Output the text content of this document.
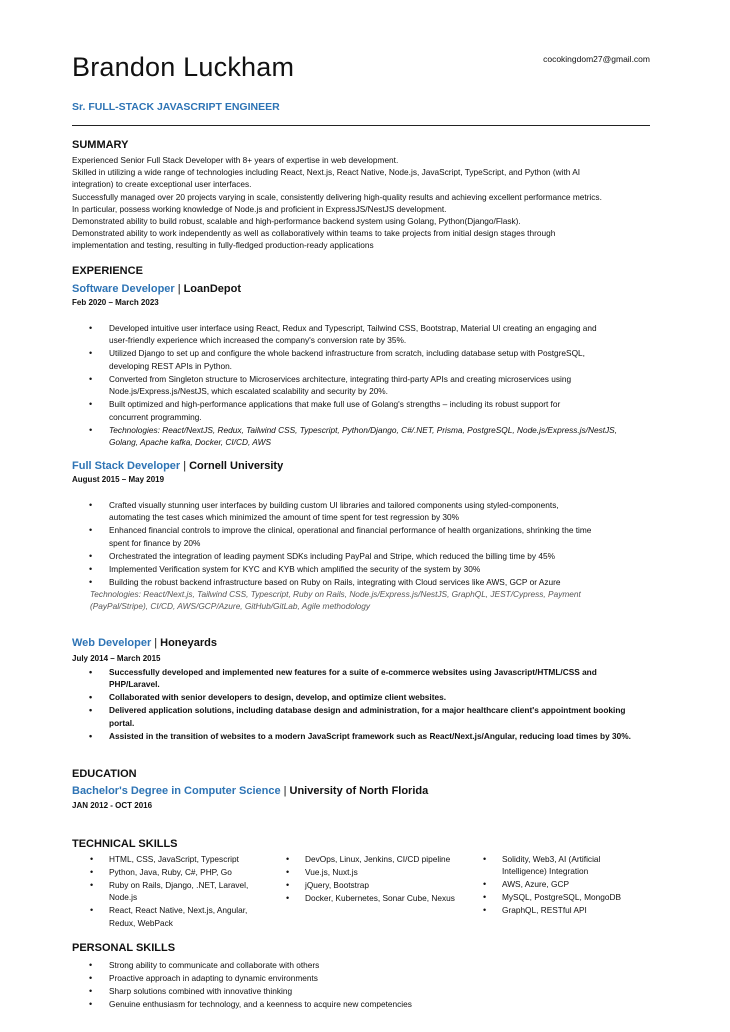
Brandon Luckham	cocokingdom27@gmail.com
Sr. FULL-STACK JAVASCRIPT ENGINEER
SUMMARY
Experienced Senior Full Stack Developer with 8+ years of expertise in web development.
Skilled in utilizing a wide range of technologies including React, Next.js, React Native, Node.js, JavaScript, TypeScript, and Python (with AI
integration) to create exceptional user interfaces.
Successfully managed over 20 projects varying in scale, consistently delivering high-quality results and achieving excellent performance metrics.
In particular, possess working knowledge of Node.js and proficient in ExpressJS/NestJS development.
Demonstrated ability to build robust, scalable and high-performance backend system using Golang, Python(Django/Flask).
Demonstrated ability to work independently as well as collaboratively within teams to take projects from initial design stages through
implementation and testing, resulting in fully-fledged production-ready applications
EXPERIENCE
Software Developer | LoanDepot
Feb 2020 – March 2023
• Developed intuitive user interface using React, Redux and Typescript, Tailwind CSS, Bootstrap, Material UI creating an engaging and
user-friendly experience which increased the company's conversion rate by 35%.
• Utilized Django to set up and configure the whole backend infrastructure from scratch, including database setup with PostgreSQL,
developing REST APIs in Python.
• Converted from Singleton structure to Microservices architecture, integrating third-party APIs and creating microservices using
Node.js/Express.js/NestJS, which escalated scalability and security by 20%.
• Built optimized and high-performance applications that make full use of Golang's strengths – including its robust support for
concurrent programming.
• Technologies: React/NextJS, Redux, Tailwind CSS, Typescript, Python/Django, C#/.NET, Prisma, PostgreSQL, Node.js/Express.js/NestJS,
Golang, Apache kafka, Docker, CI/CD, AWS
Full Stack Developer | Cornell University
August 2015 – May 2019
• Crafted visually stunning user interfaces by building custom UI libraries and tailored components using styled-components,
automating the test cases which minimized the amount of time spent for test regression by 30%
• Enhanced financial controls to improve the clinical, operational and financial performance of health organizations, shrinking the time
spent for finance by 20%
• Orchestrated the integration of leading payment SDKs including PayPal and Stripe, which reduced the billing time by 45%
• Implemented Verification system for KYC and KYB which amplified the security of the system by 30%
• Building the robust backend infrastructure based on Ruby on Rails, integrating with Cloud services like AWS, GCP or Azure
Technologies: React/Next.js, Tailwind CSS, Typescript, Ruby on Rails, Node.js/Express.js/NestJS, GraphQL, JEST/Cypress, Payment
(PayPal/Stripe), CI/CD, AWS/GCP/Azure, GitHub/GitLab, Agile methodology
Web Developer | Honeyards
July 2014 – March 2015
• Successfully developed and implemented new features for a suite of e-commerce websites using Javascript/HTML/CSS and
PHP/Laravel.
• Collaborated with senior developers to design, develop, and optimize client websites.
• Delivered application solutions, including database design and administration, for a major healthcare client's appointment booking
portal.
• Assisted in the transition of websites to a modern JavaScript framework such as React/Next.js/Angular, reducing load times by 30%.
EDUCATION
Bachelor's Degree in Computer Science | University of North Florida
JAN 2012 - OCT 2016
TECHNICAL SKILLS
• HTML, CSS, JavaScript, Typescript
• Python, Java, Ruby, C#, PHP, Go
• Ruby on Rails, Django, .NET, Laravel,
Node.js
• React, React Native, Next.js, Angular,
Redux, WebPack
• DevOps, Linux, Jenkins, CI/CD pipeline
• Vue.js, Nuxt.js
• jQuery, Bootstrap
• Docker, Kubernetes, Sonar Cube, Nexus
• Solidity, Web3, AI (Artificial
Intelligence) Integration
• AWS, Azure, GCP
• MySQL, PostgreSQL, MongoDB
• GraphQL, RESTful API
PERSONAL SKILLS
• Strong ability to communicate and collaborate with others
• Proactive approach in adapting to dynamic environments
• Sharp solutions combined with innovative thinking
• Genuine enthusiasm for technology, and a keenness to acquire new competencies
